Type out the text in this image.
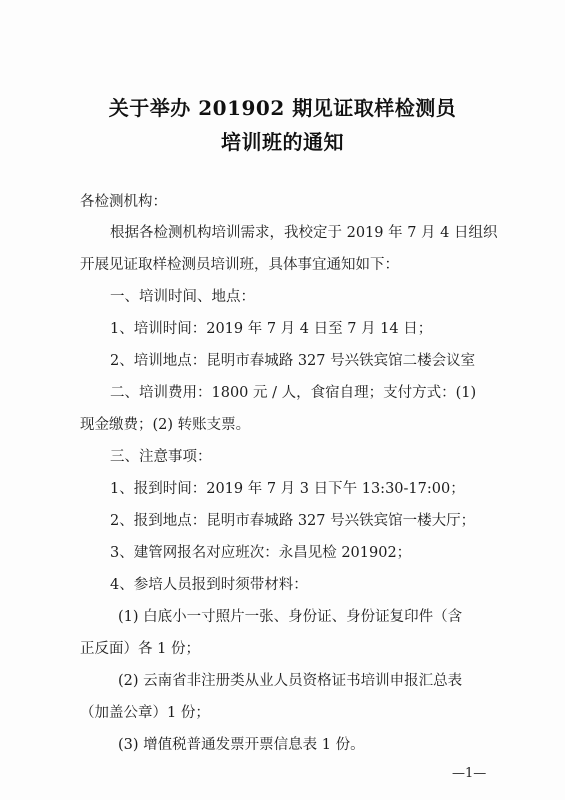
关于举办 201902 期见证取样检测员
培训班的通知
各检测机构：
根据各检测机构培训需求，我校定于 2019 年 7 月 4 日组织
开展见证取样检测员培训班，具体事宜通知如下：
一、培训时间、地点：
1、培训时间：2019 年 7 月 4 日至 7 月 14 日；
2、培训地点：昆明市春城路 327 号兴铁宾馆二楼会议室
二、培训费用：1800 元 / 人，食宿自理；支付方式：(1)
现金缴费；(2) 转账支票。
三、注意事项：
1、报到时间：2019 年 7 月 3 日下午 13:30-17:00；
2、报到地点：昆明市春城路 327 号兴铁宾馆一楼大厅；
3、建管网报名对应班次：永昌见检 201902；
4、参培人员报到时须带材料：
(1) 白底小一寸照片一张、身份证、身份证复印件（含
正反面）各 1 份；
(2) 云南省非注册类从业人员资格证书培训申报汇总表
（加盖公章）1 份；
(3) 增值税普通发票开票信息表 1 份。
—1—
